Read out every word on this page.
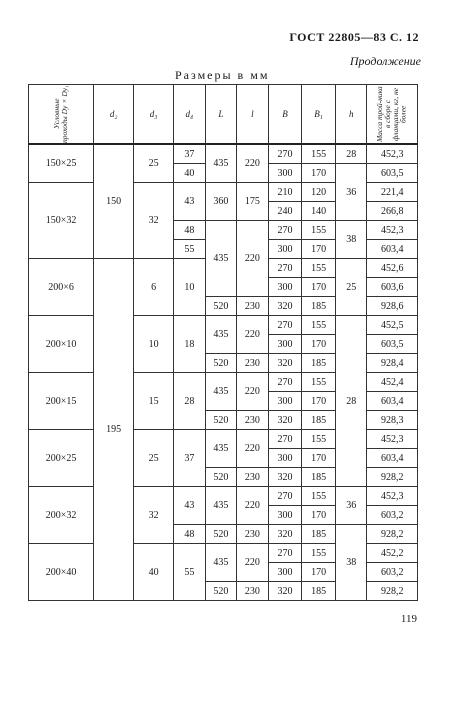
ГОСТ 22805—83 С. 12
Продолжение
Размеры в мм
Условные проходы Dy×Dy₁	d₂	d₃	d₄	L	l	B	B₁	h	Масса трой-ника в сборе с фланцами, кг, не более

150×25	150	25	37	435	220	270	155	28	452,3
			40			300	170	36	603,5
150×32		32	43	360	175	210	120		221,4
						240	140		266,8
			48	435	220	270	155	38	452,3
			55			300	170		603,4
200×6	195	6	10			270	155	25	452,6
						300	170		603,6
				520	230	320	185		928,6
200×10		10	18	435	220	270	155	28	452,5
						300	170		603,5
				520	230	320	185		928,4
200×15		15	28	435	220	270	155		452,4
						300	170		603,4
				520	230	320	185		928,3
200×25		25	37	435	220	270	155		452,3
						300	170		603,4
				520	230	320	185		928,2
200×32		32	43	435	220	270	155	36	452,3
						300	170		603,2
			48	520	230	320	185	38	928,2
200×40		40	55	435	220	270	155		452,2
						300	170		603,2
				520	230	320	185		928,2
119
